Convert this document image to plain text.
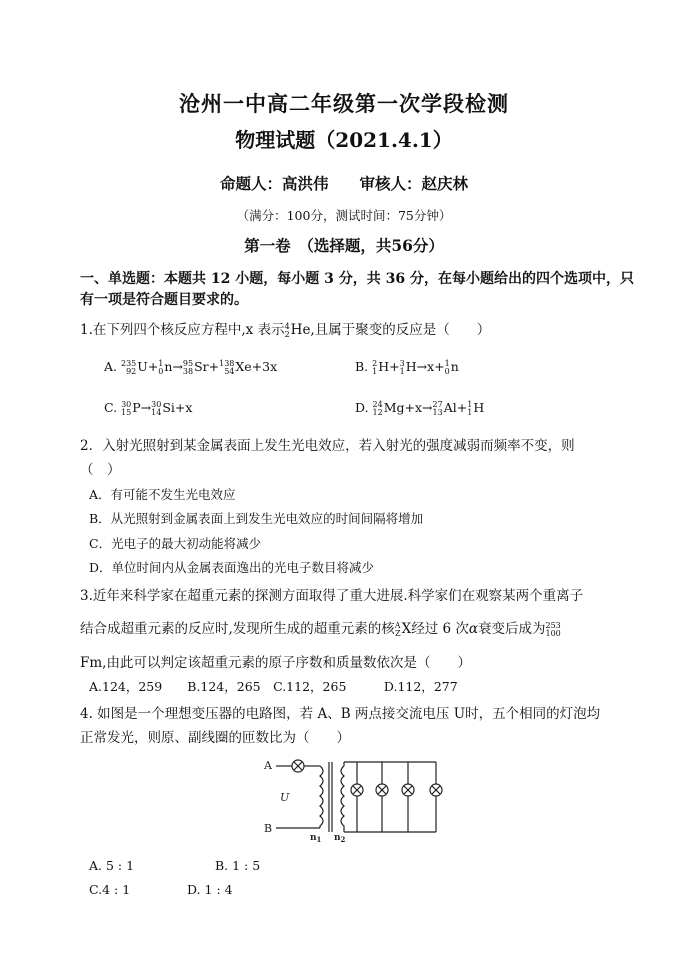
沧州一中高二年级第一次学段检测
物理试题（2021.4.1）
命题人：高洪伟　　审核人：赵庆林
（满分：100分，测试时间：75分钟）
第一卷　（选择题，共56分）
一、单选题：本题共 12 小题，每小题 3 分，共 36 分，在每小题给出的四个选项中，只
有一项是符合题目要求的。
1.在下列四个核反应方程中,x 表示 4
2 He,且属于聚变的反应是（　　）
A. 235
92 U+ 1
0 n→ 95
38 Sr+ 138
54 Xe+3x	B. 2
1 H+ 3
1 H→x+ 1
0 n
C. 30
15 P→ 30
14 Si+x	D. 24
12 Mg+x→ 27
13 Al+ 1
1 H
2．入射光照射到某金属表面上发生光电效应，若入射光的强度减弱而频率不变，则
（　）
A．有可能不发生光电效应
B．从光照射到金属表面上到发生光电效应的时间间隔将增加
C．光电子的最大初动能将减少
D．单位时间内从金属表面逸出的光电子数目将减少
3.近年来科学家在超重元素的探测方面取得了重大进展.科学家们在观察某两个重离子
结合成超重元素的反应时,发现所生成的超重元素的核 A
Z X经过 6 次α衰变后成为 253
100
Fm,由此可以判定该超重元素的原子序数和质量数依次是（　　）
A.124，259　　B.124，265　C.112，265　　　D.112，277
4. 如图是一个理想变压器的电路图，若 A、B 两点接交流电压 U时，五个相同的灯泡均
正常发光，则原、副线圈的匝数比为（　　）
A
B
U
$n_1$ $n_2$
A. 5 : 1	B. 1 : 5
C.4 : 1	D. 1 : 4
